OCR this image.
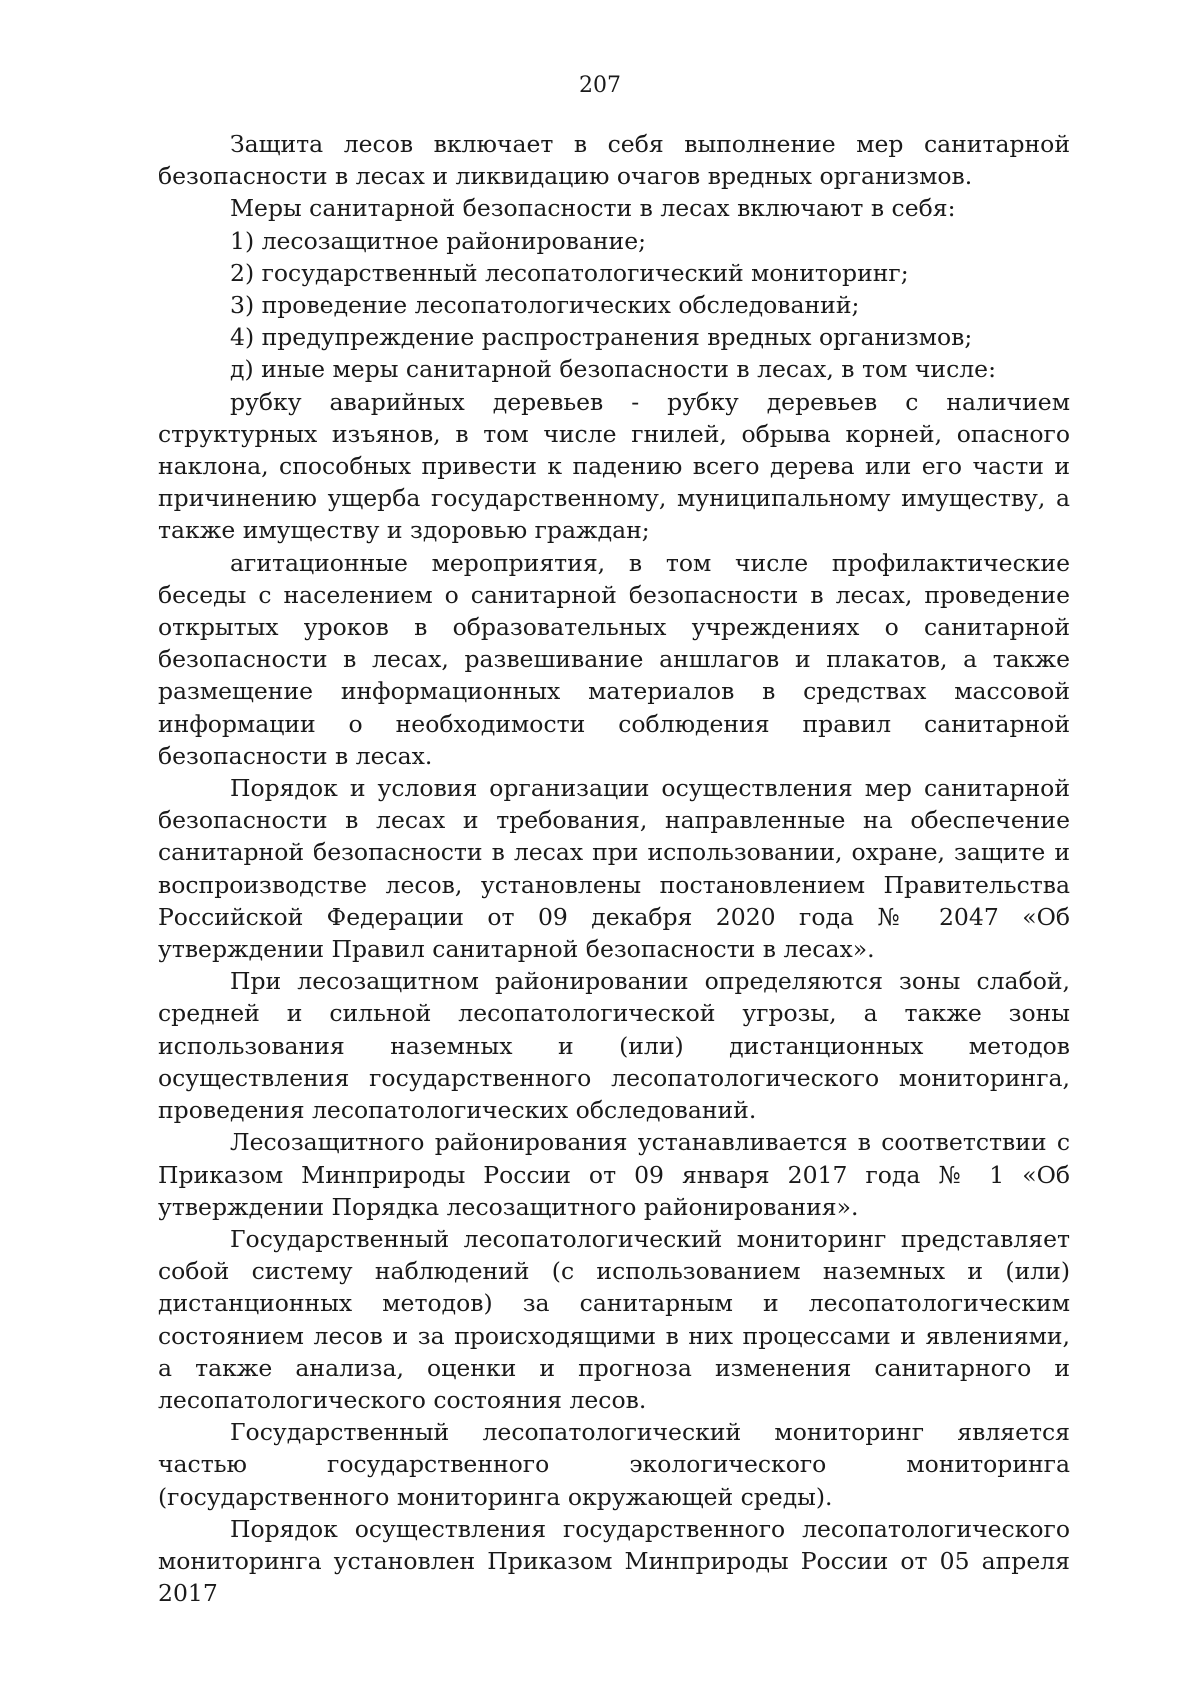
207

Защита лесов включает в себя выполнение мер санитарной безопасности в лесах и ликвидацию очагов вредных организмов.

Меры санитарной безопасности в лесах включают в себя:

1) лесозащитное районирование;

2) государственный лесопатологический мониторинг;

3) проведение лесопатологических обследований;

4) предупреждение распространения вредных организмов;

д) иные меры санитарной безопасности в лесах, в том числе:

рубку аварийных деревьев - рубку деревьев с наличием структурных изъянов, в том числе гнилей, обрыва корней, опасного наклона, способных привести к падению всего дерева или его части и причинению ущерба государственному, муниципальному имуществу, а также имуществу и здоровью граждан;

агитационные мероприятия, в том числе профилактические беседы с населением о санитарной безопасности в лесах, проведение открытых уроков в образовательных учреждениях о санитарной безопасности в лесах, развешивание аншлагов и плакатов, а также размещение информационных материалов в средствах массовой информации о необходимости соблюдения правил санитарной безопасности в лесах.

Порядок и условия организации осуществления мер санитарной безопасности в лесах и требования, направленные на обеспечение санитарной безопасности в лесах при использовании, охране, защите и воспроизводстве лесов, установлены постановлением Правительства Российской Федерации от 09 декабря 2020 года № 2047 «Об утверждении Правил санитарной безопасности в лесах».

При лесозащитном районировании определяются зоны слабой, средней и сильной лесопатологической угрозы, а также зоны использования наземных и (или) дистанционных методов осуществления государственного лесопатологического мониторинга, проведения лесопатологических обследований.

Лесозащитного районирования устанавливается в соответствии с Приказом Минприроды России от 09 января 2017 года № 1 «Об утверждении Порядка лесозащитного районирования».

Государственный лесопатологический мониторинг представляет собой систему наблюдений (с использованием наземных и (или) дистанционных методов) за санитарным и лесопатологическим состоянием лесов и за происходящими в них процессами и явлениями, а также анализа, оценки и прогноза изменения санитарного и лесопатологического состояния лесов.

Государственный лесопатологический мониторинг является частью государственного экологического мониторинга (государственного мониторинга окружающей среды).

Порядок осуществления государственного лесопатологического мониторинга установлен Приказом Минприроды России от 05 апреля 2017
